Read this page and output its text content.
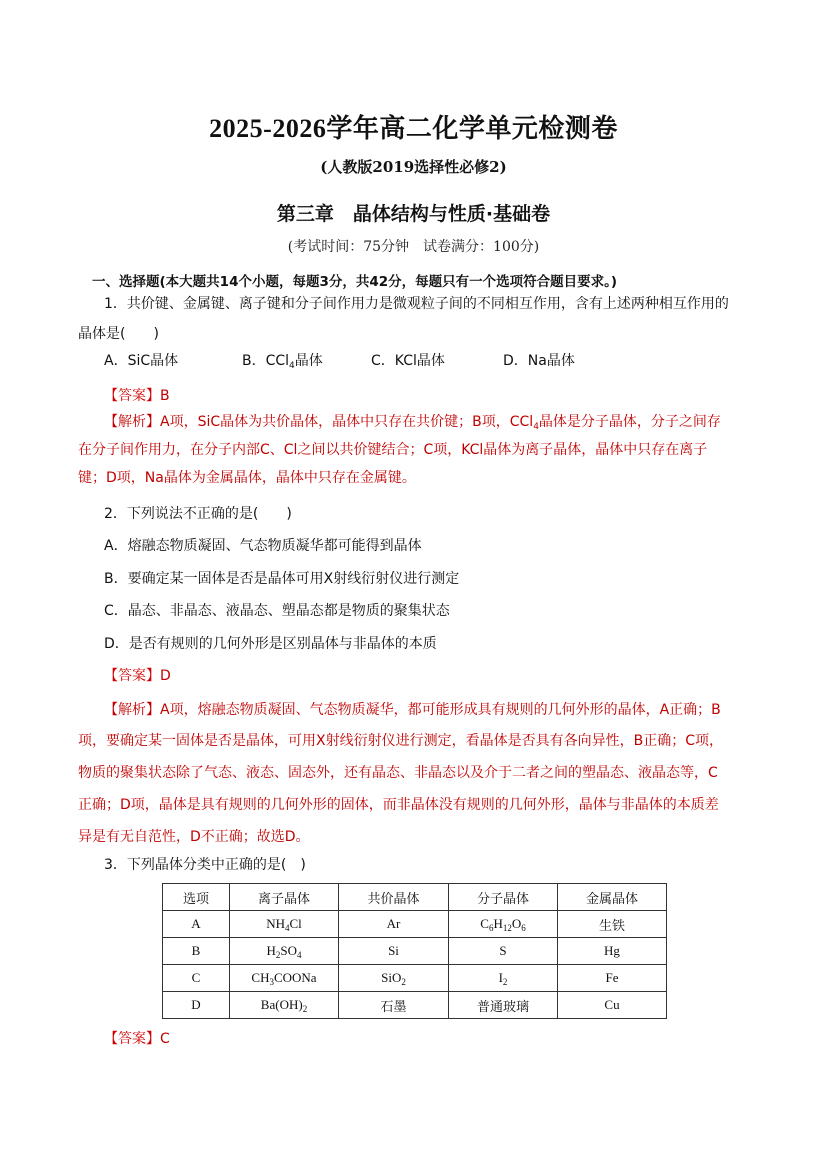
2025-2026学年高二化学单元检测卷
(人教版2019选择性必修2)
第三章　晶体结构与性质·基础卷
(考试时间：75分钟　试卷满分：100分)
一、选择题(本大题共14个小题，每题3分，共42分，每题只有一个选项符合题目要求。)
1．共价键、金属键、离子键和分子间作用力是微观粒子间的不同相互作用，含有上述两种相互作用的
晶体是(　　)
A．SiC晶体	B．CCl$_4$晶体	C．KCl晶体	D．Na晶体
【答案】B
【解析】A项，SiC晶体为共价晶体，晶体中只存在共价键；B项，CCl$_4$晶体是分子晶体，分子之间存
在分子间作用力，在分子内部C、Cl之间以共价键结合；C项，KCl晶体为离子晶体，晶体中只存在离子
键；D项，Na晶体为金属晶体，晶体中只存在金属键。
2．下列说法不正确的是(　　)
A．熔融态物质凝固、气态物质凝华都可能得到晶体
B．要确定某一固体是否是晶体可用X射线衍射仪进行测定
C．晶态、非晶态、液晶态、塑晶态都是物质的聚集状态
D．是否有规则的几何外形是区别晶体与非晶体的本质
【答案】D
【解析】A项，熔融态物质凝固、气态物质凝华，都可能形成具有规则的几何外形的晶体，A正确；B
项，要确定某一固体是否是晶体，可用X射线衍射仪进行测定，看晶体是否具有各向异性，B正确；C项，
物质的聚集状态除了气态、液态、固态外，还有晶态、非晶态以及介于二者之间的塑晶态、液晶态等，C
正确；D项，晶体是具有规则的几何外形的固体，而非晶体没有规则的几何外形，晶体与非晶体的本质差
异是有无自范性，D不正确；故选D。
3．下列晶体分类中正确的是(　)
选项	离子晶体	共价晶体	分子晶体	金属晶体
A	$NH_4Cl$	Ar	$C_6H_{12}O_6$	生铁
B	$H_2SO_4$	Si	S	Hg
C	$CH_3COONa$	SiO$_2$	$I_2$	Fe
D	$Ba(OH)_2$	石墨	普通玻璃	Cu
【答案】C
